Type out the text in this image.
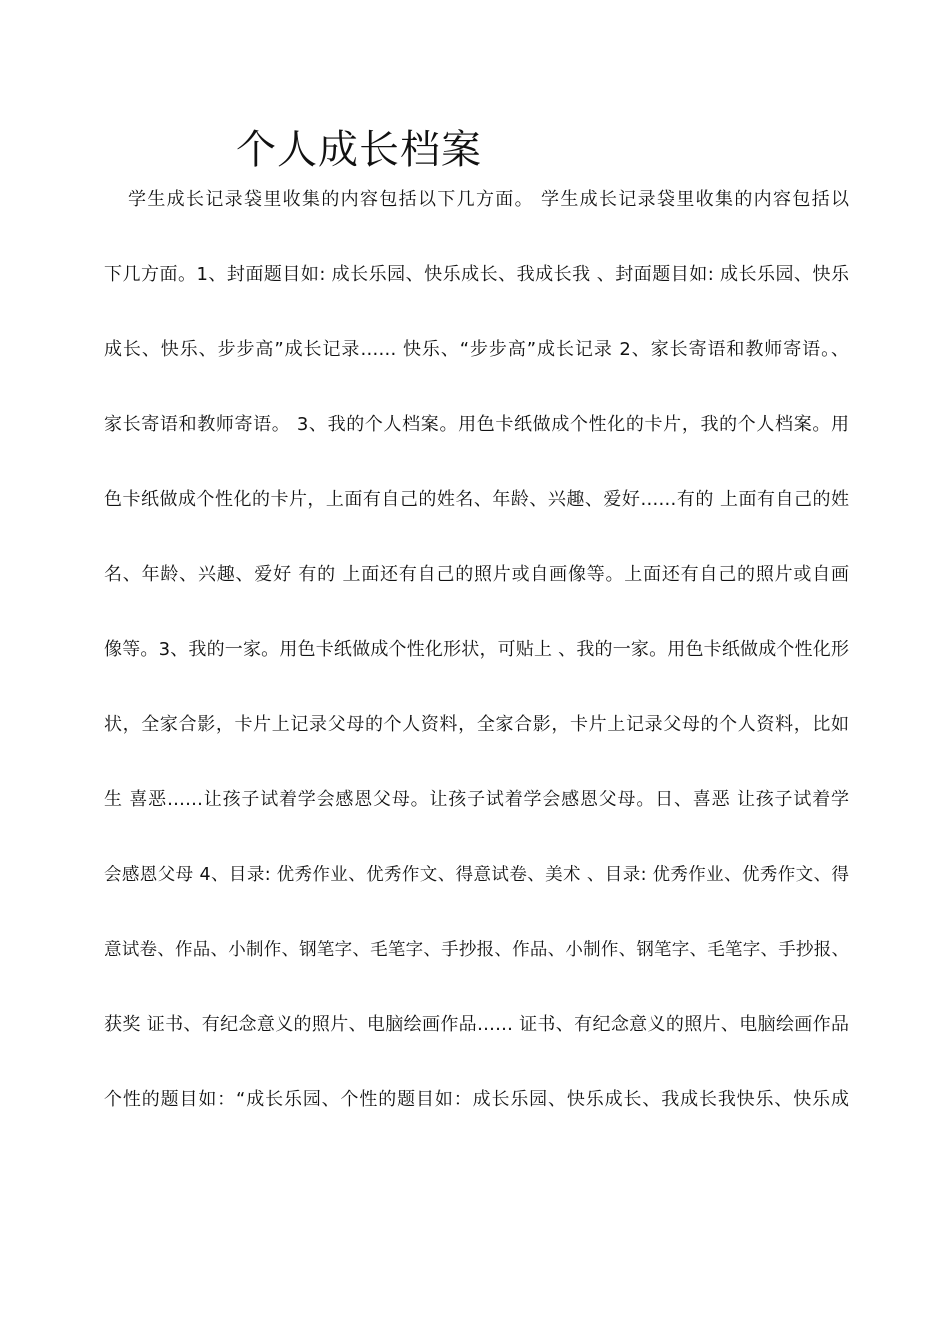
个人成长档案
学生成长记录袋里收集的内容包括以下几方面。 学生成长记录袋里收集的内容包括以
下几方面。1、封面题目如: 成长乐园、快乐成长、我成长我 、封面题目如: 成长乐园、快乐
成长、快乐、步步高”成长记录…… 快乐、“步步高”成长记录 2、家长寄语和教师寄语。、
家长寄语和教师寄语。 3、我的个人档案。用色卡纸做成个性化的卡片，我的个人档案。用
色卡纸做成个性化的卡片，上面有自己的姓名、年龄、兴趣、爱好……有的 上面有自己的姓
名、年龄、兴趣、爱好 有的 上面还有自己的照片或自画像等。上面还有自己的照片或自画
像等。3、我的一家。用色卡纸做成个性化形状，可贴上 、我的一家。用色卡纸做成个性化形
状，全家合影，卡片上记录父母的个人资料，全家合影，卡片上记录父母的个人资料，比如
生 喜恶……让孩子试着学会感恩父母。让孩子试着学会感恩父母。日、喜恶 让孩子试着学
会感恩父母 4、目录: 优秀作业、优秀作文、得意试卷、美术 、目录: 优秀作业、优秀作文、得
意试卷、作品、小制作、钢笔字、毛笔字、手抄报、作品、小制作、钢笔字、毛笔字、手抄报、
获奖 证书、有纪念意义的照片、电脑绘画作品…… 证书、有纪念意义的照片、电脑绘画作品
个性的题目如：“成长乐园、个性的题目如：成长乐园、快乐成长、我成长我快乐、快乐成
